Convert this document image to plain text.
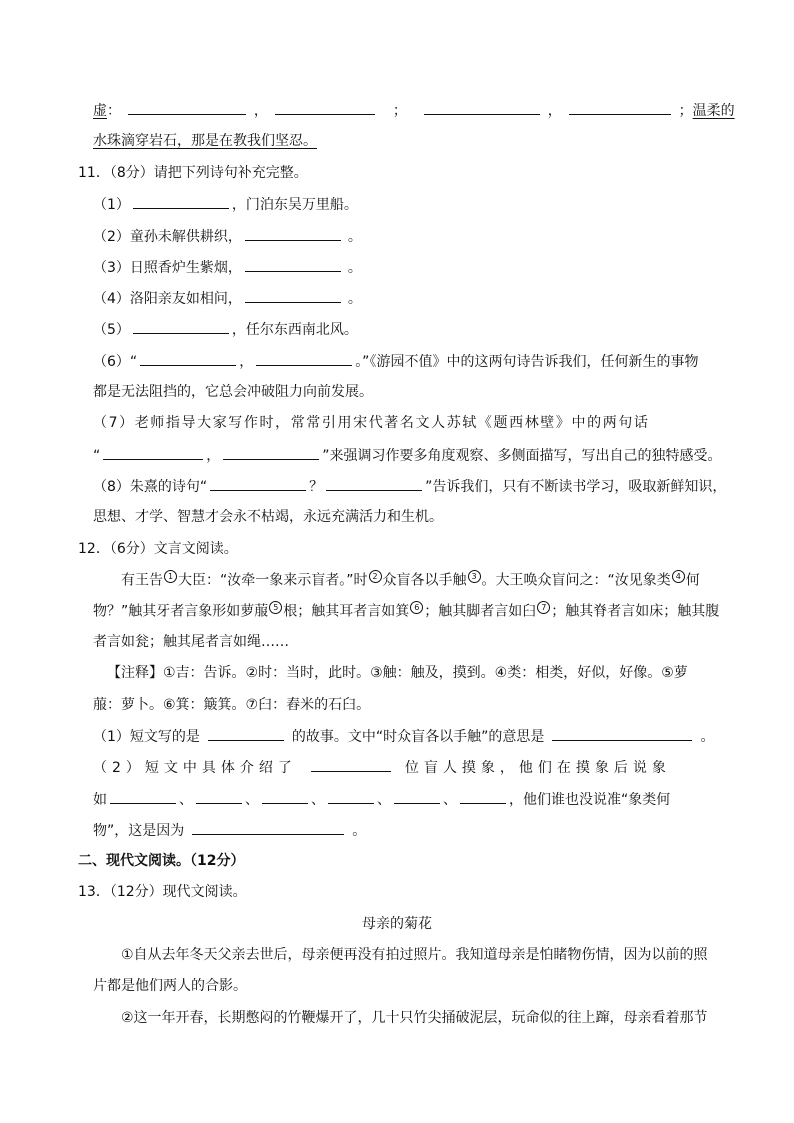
虚：	，	；	，	；温柔的
水珠滴穿岩石，那是在教我们坚忍。
11．（8分）请把下列诗句补充完整。
（1）	，门泊东吴万里船。
（2）童孙未解供耕织，	。
（3）日照香炉生紫烟，	。
（4）洛阳亲友如相问，	。
（5）	，任尔东西南北风。
（6）“	，	。”《游园不值》中的这两句诗告诉我们，任何新生的事物
都是无法阻挡的，它总会冲破阻力向前发展。
（7）老师指导大家写作时，常常引用宋代著名文人苏轼《题西林壁》中的两句话
“	，	”来强调习作要多角度观察、多侧面描写，写出自己的独特感受。
（8）朱熹的诗句“	？	”告诉我们，只有不断读书学习，吸取新鲜知识，
思想、才学、智慧才会永不枯竭，永远充满活力和生机。
12．（6分）文言文阅读。
有王告 $^1$ 大臣：“汝牵一象来示盲者。”时 $^2$ 众盲各以手触 $^3$ 。大王唤众盲问之：“汝见象类 $^4$ 何
物？”触其牙者言象形如萝菔 $^5$ 根；触其耳者言如箕 $^6$ ；触其脚者言如臼 $^7$ ；触其脊者言如床；触其腹
者言如瓮；触其尾者言如绳……
【注释】①吉：告诉。②时：当时，此时。③触：触及，摸到。④类：相类，好似，好像。⑤萝
菔：萝卜。⑥箕：簸箕。⑦臼：舂米的石臼。
（1）短文写的是	的故事。文中“时众盲各以手触”的意思是	。
（2）短文中具体介绍了	位盲人摸象，他们在摸象后说象
如	、	、	、	、	、	，他们谁也没说准“象类何
物”，这是因为	。
二、现代文阅读。（12分）
13．（12分）现代文阅读。
母亲的菊花
①自从去年冬天父亲去世后，母亲便再没有拍过照片。我知道母亲是怕睹物伤情，因为以前的照
片都是他们两人的合影。
②这一年开春，长期憋闷的竹鞭爆开了，几十只竹尖捅破泥层，玩命似的往上蹿，母亲看着那节
